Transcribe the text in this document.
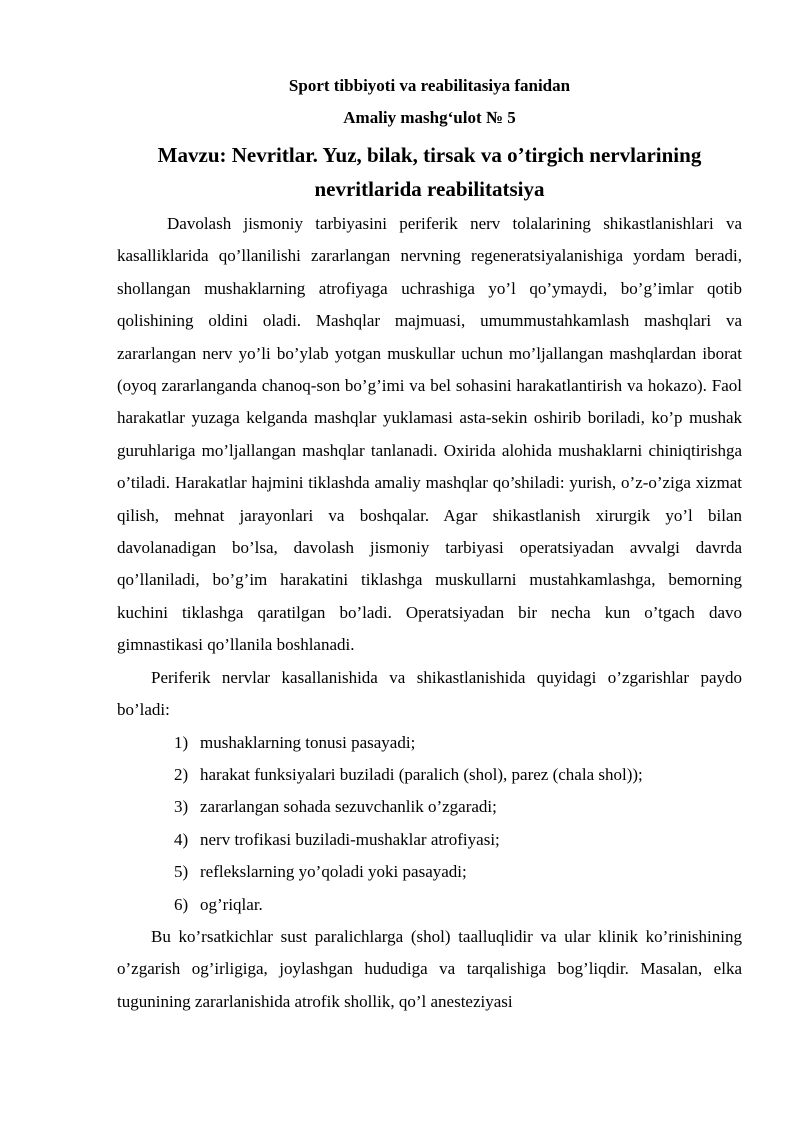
Sport tibbiyoti va reabilitasiya fanidan
Amaliy mashg‘ulot № 5
Mavzu: Nevritlar. Yuz, bilak, tirsak va o’tirgich nervlarining
nevritlarida reabilitatsiya

Davolash jismoniy tarbiyasini periferik nerv tolalarining shikastlanishlari va kasalliklarida qo’llanilishi zararlangan nervning regeneratsiyalanishiga yordam beradi, shollangan mushaklarning atrofiyaga uchrashiga yo’l qo’ymaydi, bo’g’imlar qotib qolishining oldini oladi. Mashqlar majmuasi, umummustahkamlash mashqlari va zararlangan nerv yo’li bo’ylab yotgan muskullar uchun mo’ljallangan mashqlardan iborat (oyoq zararlanganda chanoq-son bo’g’imi va bel sohasini harakatlantirish va hokazo). Faol harakatlar yuzaga kelganda mashqlar yuklamasi asta-sekin oshirib boriladi, ko’p mushak guruhlariga mo’ljallangan mashqlar tanlanadi. Oxirida alohida mushaklarni chiniqtirishga o’tiladi. Harakatlar hajmini tiklashda amaliy mashqlar qo’shiladi: yurish, o’z-o’ziga xizmat qilish, mehnat jarayonlari va boshqalar. Agar shikastlanish xirurgik yo’l bilan davolanadigan bo’lsa, davolash jismoniy tarbiyasi operatsiyadan avvalgi davrda qo’llaniladi, bo’g’im harakatini tiklashga muskullarni mustahkamlashga, bemorning kuchini tiklashga qaratilgan bo’ladi. Operatsiyadan bir necha kun o’tgach davo gimnastikasi qo’llanila boshlanadi.

Periferik nervlar kasallanishida va shikastlanishida quyidagi o’zgarishlar paydo bo’ladi:

1) mushaklarning tonusi pasayadi;
2) harakat funksiyalari buziladi (paralich (shol), parez (chala shol));
3) zararlangan sohada sezuvchanlik o’zgaradi;
4) nerv trofikasi buziladi-mushaklar atrofiyasi;
5) reflekslarning yo’qoladi yoki pasayadi;
6) og’riqlar.

Bu ko’rsatkichlar sust paralichlarga (shol) taalluqlidir va ular klinik ko’rinishining o’zgarish og’irligiga, joylashgan hududiga va tarqalishiga bog’liqdir. Masalan, elka tugunining zararlanishida atrofik shollik, qo’l anesteziyasi
